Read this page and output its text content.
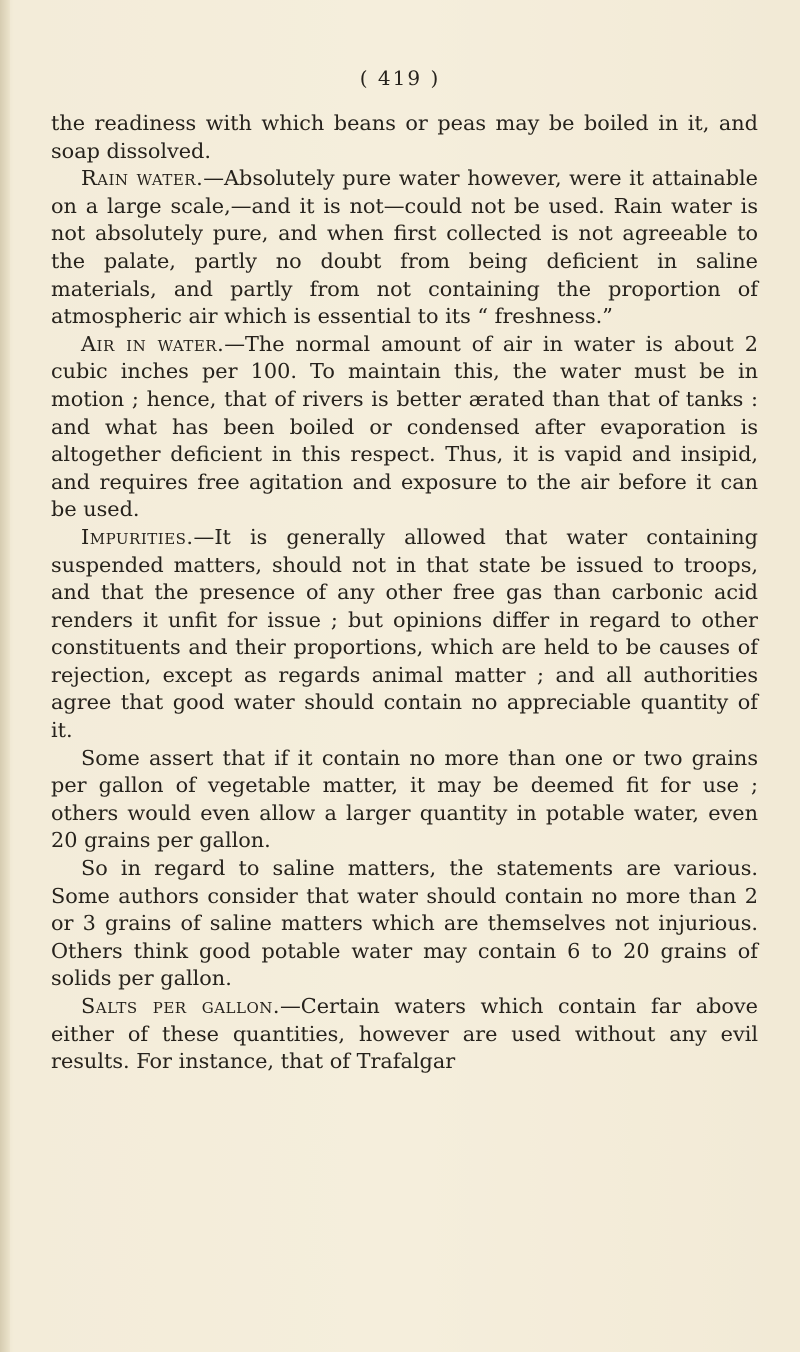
( 419 )

the readiness with which beans or peas may be boiled in it, and soap dissolved.

Rain water.—Absolutely pure water however, were it attainable on a large scale,—and it is not—could not be used. Rain water is not absolutely pure, and when first collected is not agreeable to the palate, partly no doubt from being deficient in saline materials, and partly from not containing the proportion of atmospheric air which is essential to its “ freshness.”

Air in water.—The normal amount of air in water is about 2 cubic inches per 100. To maintain this, the water must be in motion ; hence, that of rivers is better ærated than that of tanks : and what has been boiled or condensed after evaporation is altogether deficient in this respect. Thus, it is vapid and insipid, and requires free agitation and exposure to the air before it can be used.

Impurities.—It is generally allowed that water containing suspended matters, should not in that state be issued to troops, and that the presence of any other free gas than carbonic acid renders it unfit for issue ; but opinions differ in regard to other constituents and their proportions, which are held to be causes of rejection, except as regards animal matter ; and all authorities agree that good water should contain no appreciable quantity of it.

Some assert that if it contain no more than one or two grains per gallon of vegetable matter, it may be deemed fit for use ; others would even allow a larger quantity in potable water, even 20 grains per gallon.

So in regard to saline matters, the statements are various. Some authors consider that water should contain no more than 2 or 3 grains of saline matters which are themselves not injurious. Others think good potable water may contain 6 to 20 grains of solids per gallon.

Salts per gallon.—Certain waters which contain far above either of these quantities, however are used without any evil results. For instance, that of Trafalgar
